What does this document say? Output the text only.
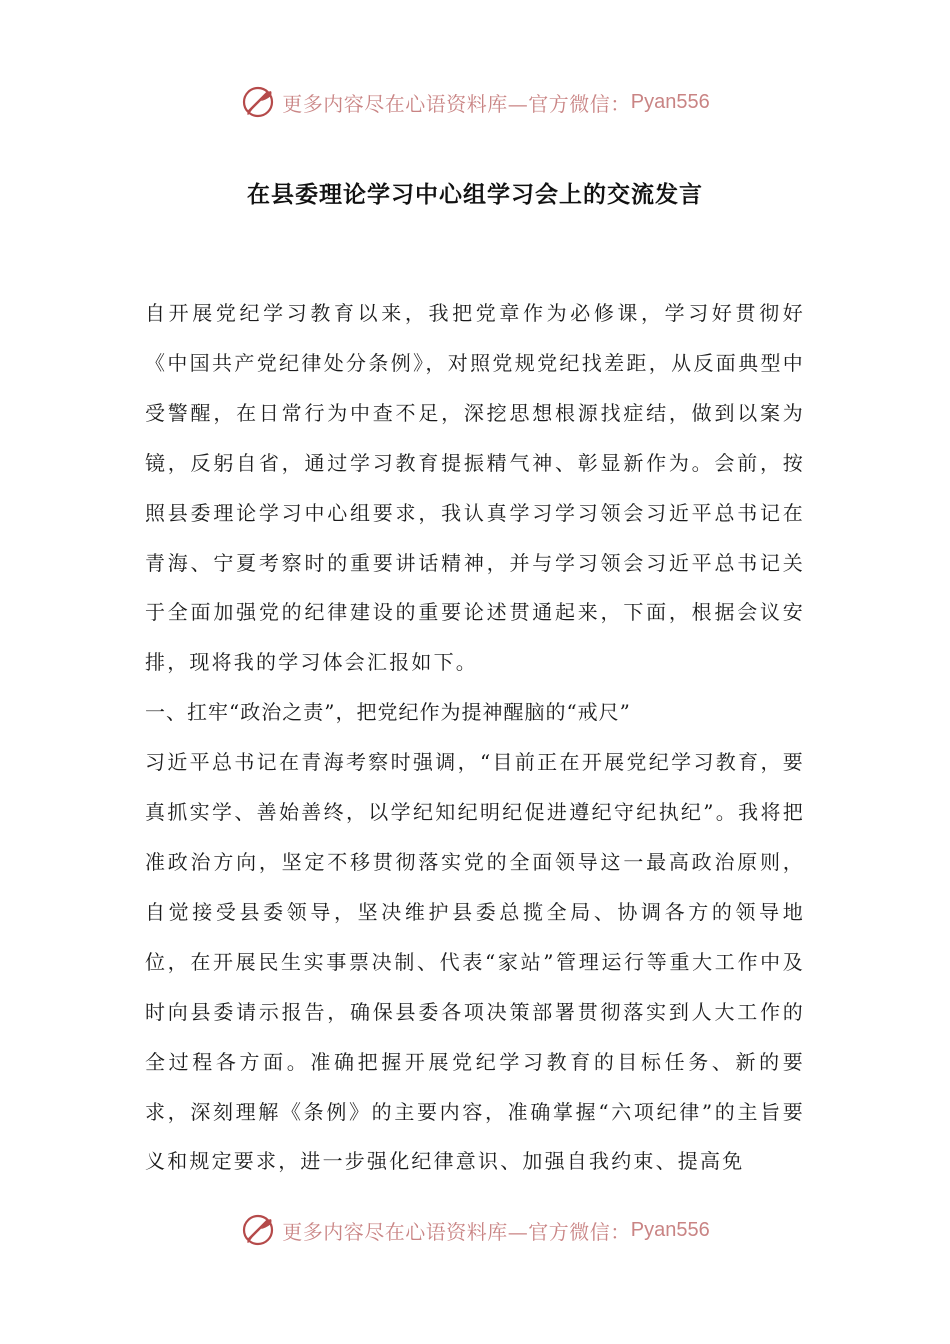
更多内容尽在心语资料库—官方微信： Pyan556
在县委理论学习中心组学习会上的交流发言

自开展党纪学习教育以来，我把党章作为必修课，学习好贯彻好《中国共产党纪律处分条例》，对照党规党纪找差距，从反面典型中受警醒，在日常行为中查不足，深挖思想根源找症结，做到以案为镜，反躬自省，通过学习教育提振精气神、彰显新作为。会前，按照县委理论学习中心组要求，我认真学习学习领会习近平总书记在青海、宁夏考察时的重要讲话精神，并与学习领会习近平总书记关于全面加强党的纪律建设的重要论述贯通起来，下面，根据会议安排，现将我的学习体会汇报如下。

一、扛牢“政治之责”，把党纪作为提神醒脑的“戒尺”

习近平总书记在青海考察时强调，“目前正在开展党纪学习教育，要真抓实学、善始善终，以学纪知纪明纪促进遵纪守纪执纪”。我将把准政治方向，坚定不移贯彻落实党的全面领导这一最高政治原则，自觉接受县委领导，坚决维护县委总揽全局、协调各方的领导地位，在开展民生实事票决制、代表“家站”管理运行等重大工作中及时向县委请示报告，确保县委各项决策部署贯彻落实到人大工作的全过程各方面。准确把握开展党纪学习教育的目标任务、新的要求，深刻理解《条例》的主要内容，准确掌握“六项纪律”的主旨要义和规定要求，进一步强化纪律意识、加强自我约束、提高免

更多内容尽在心语资料库—官方微信： Pyan556
